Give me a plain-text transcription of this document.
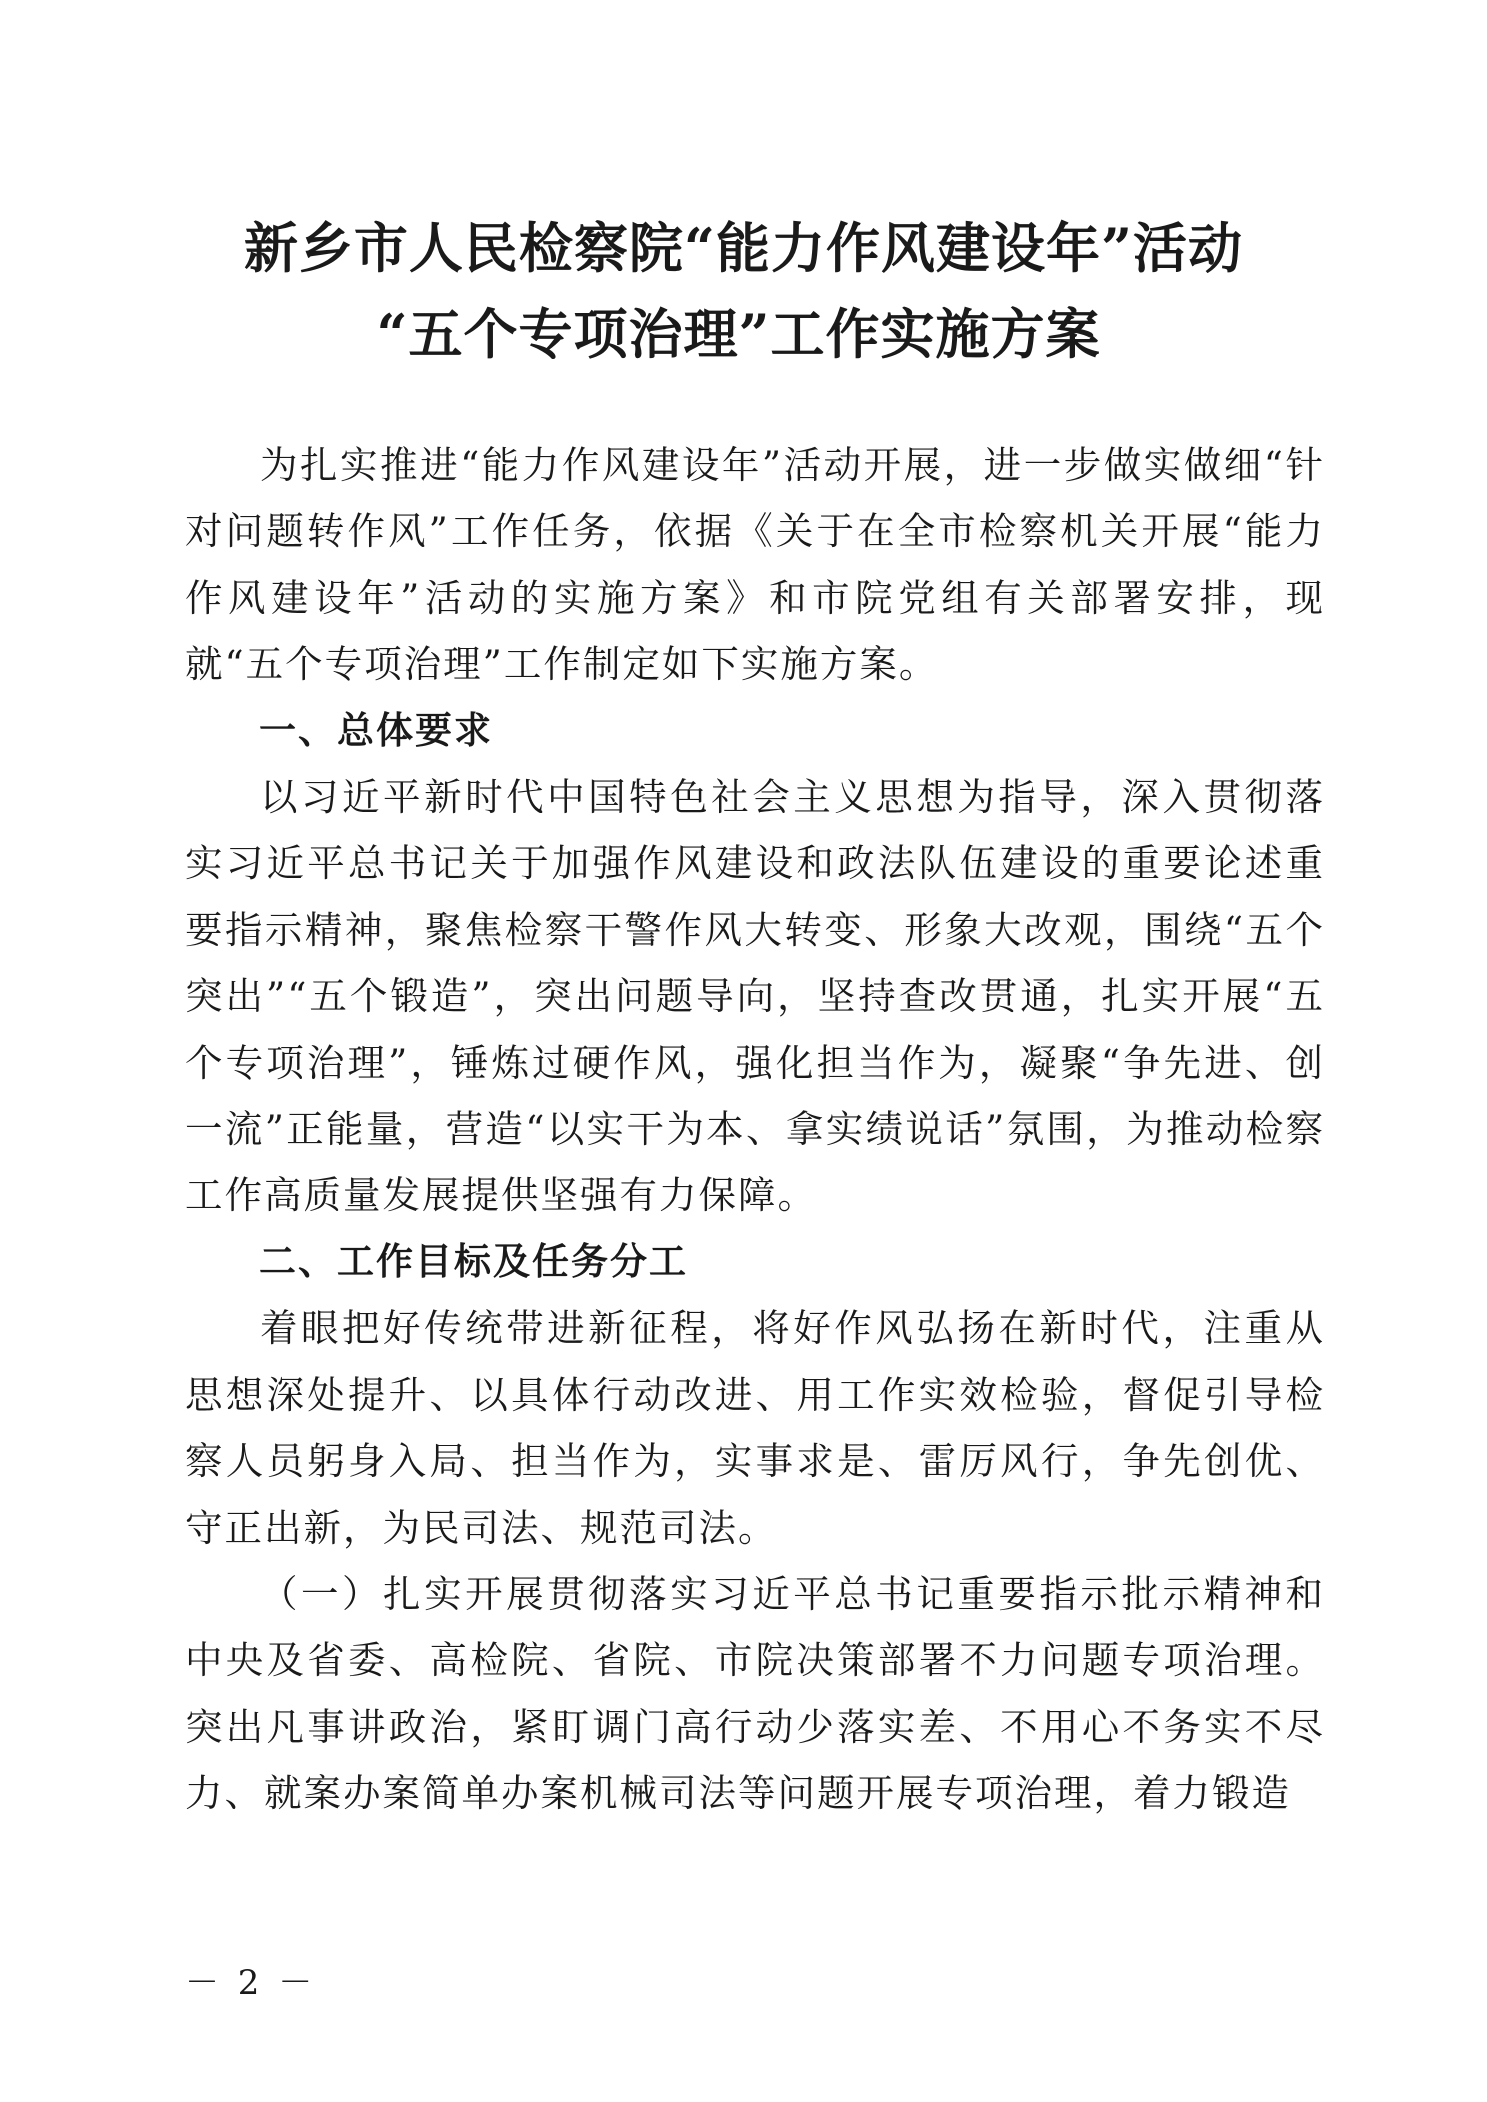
新乡市人民检察院“能力作风建设年”活动
“五个专项治理”工作实施方案

为扎实推进“能力作风建设年”活动开展，进一步做实做细“针对问题转作风”工作任务，依据《关于在全市检察机关开展“能力作风建设年”活动的实施方案》和市院党组有关部署安排，现就“五个专项治理”工作制定如下实施方案。

一、总体要求

以习近平新时代中国特色社会主义思想为指导，深入贯彻落实习近平总书记关于加强作风建设和政法队伍建设的重要论述重要指示精神，聚焦检察干警作风大转变、形象大改观，围绕“五个突出”“五个锻造”，突出问题导向，坚持查改贯通，扎实开展“五个专项治理”，锤炼过硬作风，强化担当作为，凝聚“争先进、创一流”正能量，营造“以实干为本、拿实绩说话”氛围，为推动检察工作高质量发展提供坚强有力保障。

二、工作目标及任务分工

着眼把好传统带进新征程，将好作风弘扬在新时代，注重从思想深处提升、以具体行动改进、用工作实效检验，督促引导检察人员躬身入局、担当作为，实事求是、雷厉风行，争先创优、守正出新，为民司法、规范司法。

（一）扎实开展贯彻落实习近平总书记重要指示批示精神和中央及省委、高检院、省院、市院决策部署不力问题专项治理。突出凡事讲政治，紧盯调门高行动少落实差、不用心不务实不尽力、就案办案简单办案机械司法等问题开展专项治理，着力锻造

－ 2 －
